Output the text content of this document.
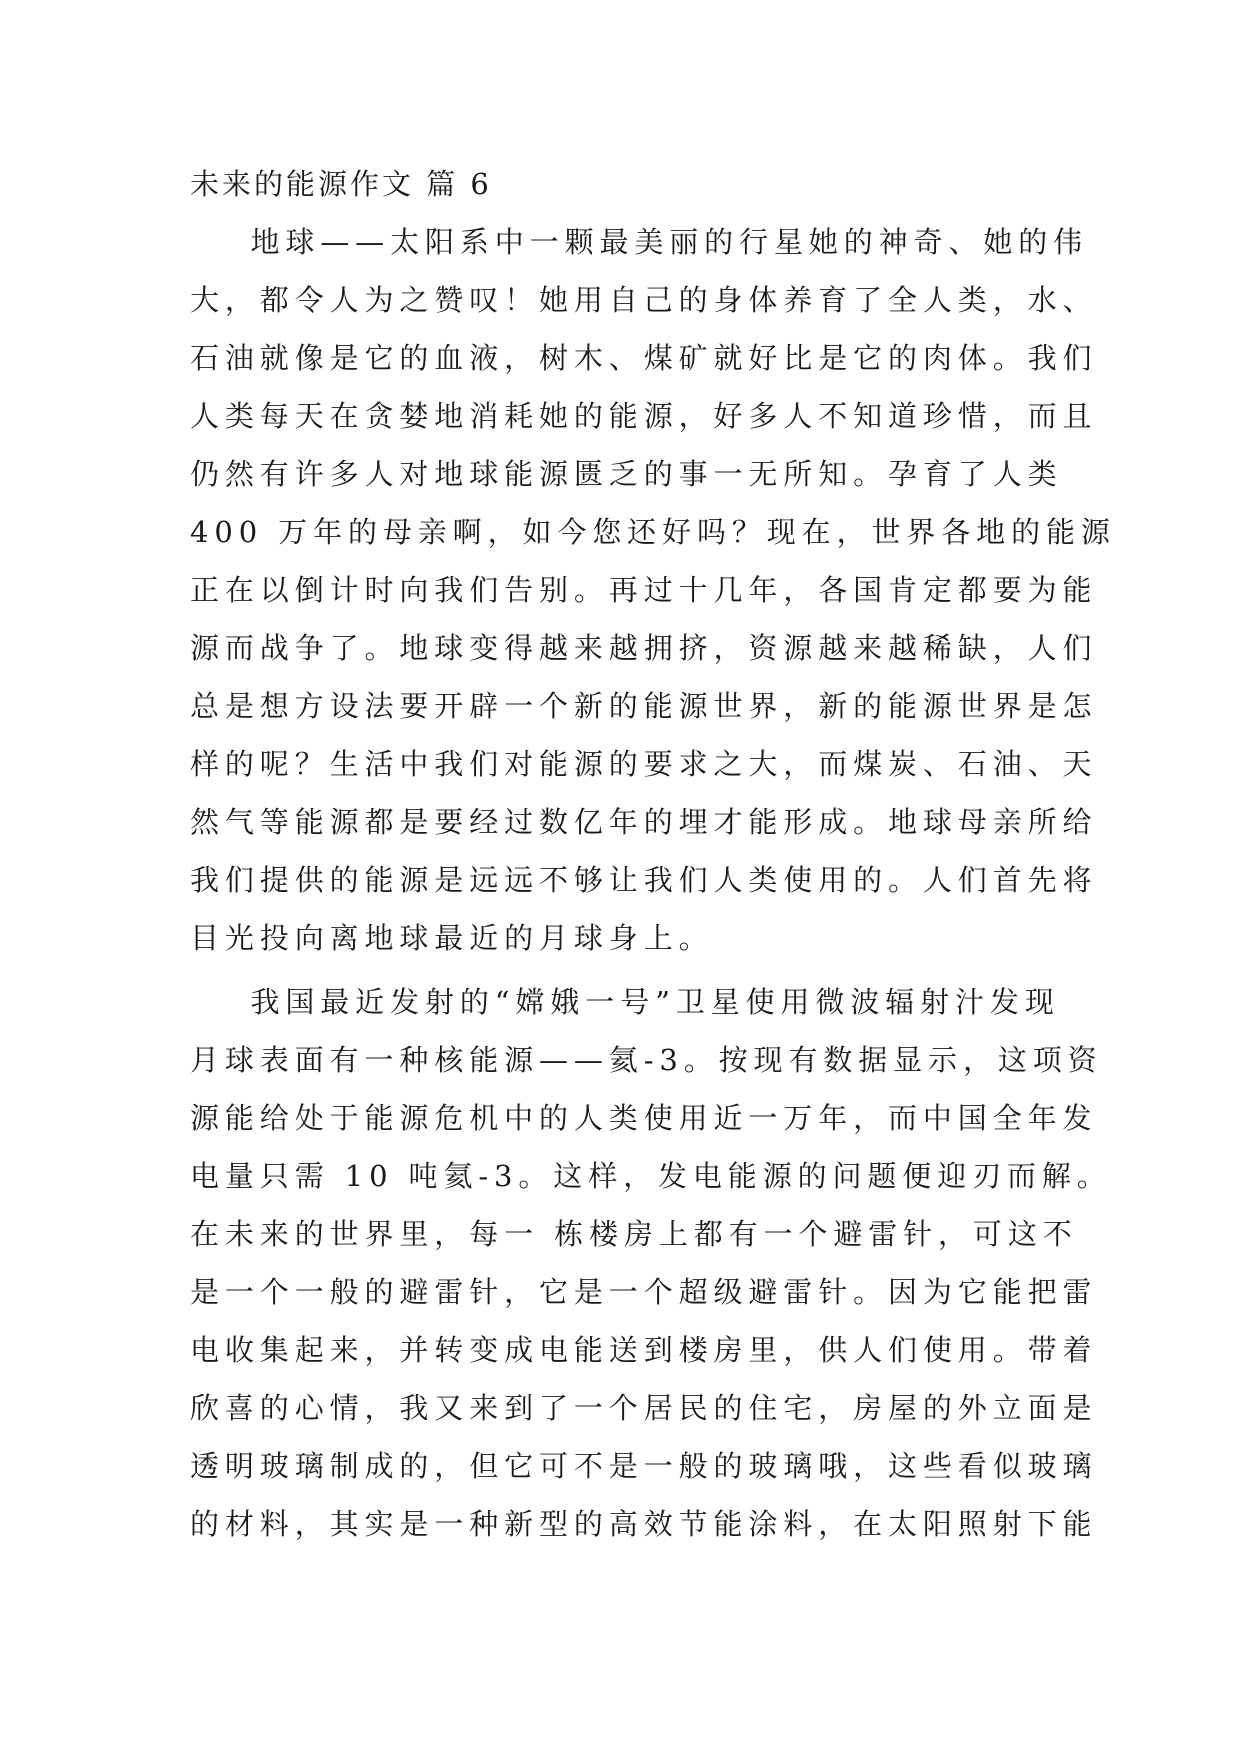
未来的能源作文 篇 6
地球——太阳系中一颗最美丽的行星她的神奇、她的伟
大，都令人为之赞叹！她用自己的身体养育了全人类，水、
石油就像是它的血液，树木、煤矿就好比是它的肉体。我们
人类每天在贪婪地消耗她的能源，好多人不知道珍惜，而且
仍然有许多人对地球能源匮乏的事一无所知。孕育了人类
400 万年的母亲啊，如今您还好吗？现在，世界各地的能源
正在以倒计时向我们告别。再过十几年，各国肯定都要为能
源而战争了。地球变得越来越拥挤，资源越来越稀缺，人们
总是想方设法要开辟一个新的能源世界，新的能源世界是怎
样的呢？生活中我们对能源的要求之大，而煤炭、石油、天
然气等能源都是要经过数亿年的埋才能形成。地球母亲所给
我们提供的能源是远远不够让我们人类使用的。人们首先将
目光投向离地球最近的月球身上。
我国最近发射的“嫦娥一号”卫星使用微波辐射汁发现
月球表面有一种核能源——氦-3。按现有数据显示，这项资
源能给处于能源危机中的人类使用近一万年，而中国全年发
电量只需 10 吨氦-3。这样，发电能源的问题便迎刃而解。
在未来的世界里，每一 栋楼房上都有一个避雷针，可这不
是一个一般的避雷针，它是一个超级避雷针。因为它能把雷
电收集起来，并转变成电能送到楼房里，供人们使用。带着
欣喜的心情，我又来到了一个居民的住宅，房屋的外立面是
透明玻璃制成的，但它可不是一般的玻璃哦，这些看似玻璃
的材料，其实是一种新型的高效节能涂料，在太阳照射下能
